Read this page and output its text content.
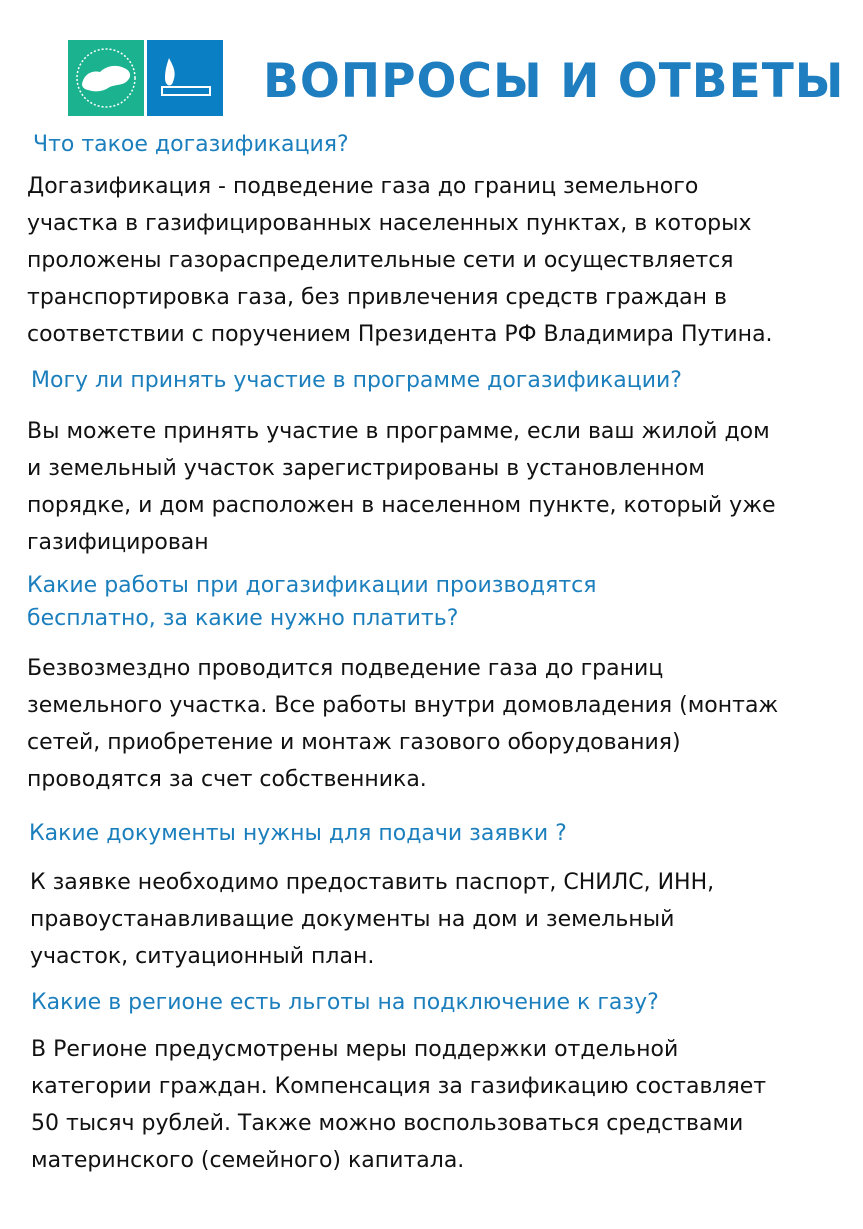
ВОПРОСЫ И ОТВЕТЫ
Что такое догазификация?
Догазификация - подведение газа до границ земельного
участка в газифицированных населенных пунктах, в которых
проложены газораспределительные сети и осуществляется
транспортировка газа, без привлечения средств граждан в
соответствии с поручением Президента РФ Владимира Путина.
Могу ли принять участие в программе догазификации?
Вы можете принять участие в программе, если ваш жилой дом
и земельный участок зарегистрированы в установленном
порядке, и дом расположен в населенном пункте, который уже
газифицирован
Какие работы при догазификации производятся
бесплатно, за какие нужно платить?
Безвозмездно проводится подведение газа до границ
земельного участка. Все работы внутри домовладения (монтаж
сетей, приобретение и монтаж газового оборудования)
проводятся за счет собственника.
Какие документы нужны для подачи заявки ?
К заявке необходимо предоставить паспорт, СНИЛС, ИНН,
правоустанавливащие документы на дом и земельный
участок, ситуационный план.
Какие в регионе есть льготы на подключение к газу?
В Регионе предусмотрены меры поддержки отдельной
категории граждан. Компенсация за газификацию составляет
50 тысяч рублей. Также можно воспользоваться средствами
материнского (семейного) капитала.
